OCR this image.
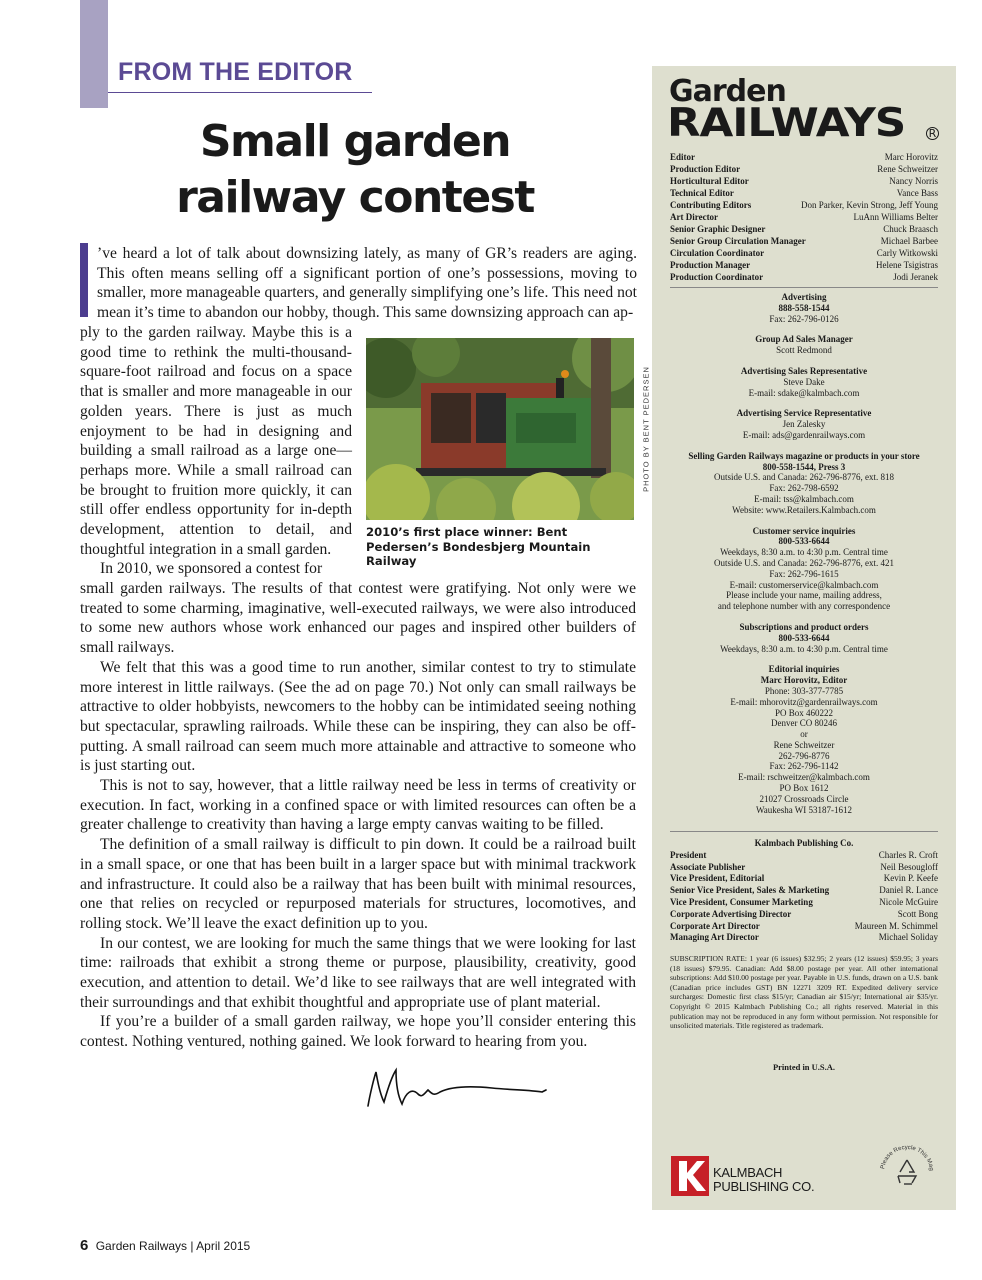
FROM THE EDITOR
Small garden railway contest

’ve heard a lot of talk about downsizing lately, as many of GR’s readers are aging. This often means selling off a significant portion of one’s possessions, moving to smaller, more manageable quarters, and generally simplifying one’s life. This need not mean it’s time to abandon our hobby, though. This same downsizing approach can ap-

ply to the garden railway. Maybe this is a good time to rethink the multi-thousand-square-foot railroad and focus on a space that is smaller and more manageable in our golden years. There is just as much enjoyment to be had in designing and building a small railroad as a large one—perhaps more. While a small railroad can be brought to fruition more quickly, it can still offer endless opportunity for in-depth development, attention to detail, and thoughtful integration in a small garden.

In 2010, we sponsored a contest for

PHOTO BY BENT PEDERSEN
2010’s first place winner: Bent Pedersen’s Bondesbjerg Mountain Railway

small garden railways. The results of that contest were gratifying. Not only were we treated to some charming, imaginative, well-executed railways, we were also introduced to some new authors whose work enhanced our pages and inspired other builders of small railways.

We felt that this was a good time to run another, similar contest to try to stimulate more interest in little railways. (See the ad on page 70.) Not only can small railways be attractive to older hobbyists, newcomers to the hobby can be intimidated seeing nothing but spectacular, sprawling railroads. While these can be inspiring, they can also be off-putting. A small railroad can seem much more attainable and attractive to someone who is just starting out.

This is not to say, however, that a little railway need be less in terms of creativity or execution. In fact, working in a confined space or with limited resources can often be a greater challenge to creativity than having a large empty canvas waiting to be filled.

The definition of a small railway is difficult to pin down. It could be a railroad built in a small space, or one that has been built in a larger space but with minimal trackwork and infrastructure. It could also be a railway that has been built with minimal resources, one that relies on recycled or repurposed materials for structures, locomotives, and rolling stock. We’ll leave the exact definition up to you.

In our contest, we are looking for much the same things that we were looking for last time: railroads that exhibit a strong theme or purpose, plausibility, creativity, good execution, and attention to detail. We’d like to see railways that are well integrated with their surroundings and that exhibit thoughtful and appropriate use of plant material.

If you’re a builder of a small garden railway, we hope you’ll consider entering this contest. Nothing ventured, nothing gained. We look forward to hearing from you.

6 Garden Railways | April 2015
Garden
RAILWAYS R
Editor	Marc Horovitz
Production Editor	Rene Schweitzer
Horticultural Editor	Nancy Norris
Technical Editor	Vance Bass
Contributing Editors	Don Parker, Kevin Strong, Jeff Young
Art Director	LuAnn Williams Belter
Senior Graphic Designer	Chuck Braasch
Senior Group Circulation Manager	Michael Barbee
Circulation Coordinator	Carly Witkowski
Production Manager	Helene Tsigistras
Production Coordinator	Jodi Jeranek
Advertising
888-558-1544
Fax: 262-796-0126
Group Ad Sales Manager
Scott Redmond
Advertising Sales Representative
Steve Dake
E-mail: sdake@kalmbach.com
Advertising Service Representative
Jen Zalesky
E-mail: ads@gardenrailways.com
Selling Garden Railways magazine or products in your store
800-558-1544, Press 3
Outside U.S. and Canada: 262-796-8776, ext. 818
Fax: 262-798-6592
E-mail: tss@kalmbach.com
Website: www.Retailers.Kalmbach.com
Customer service inquiries
800-533-6644
Weekdays, 8:30 a.m. to 4:30 p.m. Central time
Outside U.S. and Canada: 262-796-8776, ext. 421
Fax: 262-796-1615
E-mail: customerservice@kalmbach.com
Please include your name, mailing address,
and telephone number with any correspondence
Subscriptions and product orders
800-533-6644
Weekdays, 8:30 a.m. to 4:30 p.m. Central time
Editorial inquiries
Marc Horovitz, Editor
Phone: 303-377-7785
E-mail: mhorovitz@gardenrailways.com
PO Box 460222
Denver CO 80246
or
Rene Schweitzer
262-796-8776
Fax: 262-796-1142
E-mail: rschweitzer@kalmbach.com
PO Box 1612
21027 Crossroads Circle
Waukesha WI 53187-1612
Kalmbach Publishing Co.
President	Charles R. Croft
Associate Publisher	Neil Besougloff
Vice President, Editorial	Kevin P. Keefe
Senior Vice President, Sales & Marketing	Daniel R. Lance
Vice President, Consumer Marketing	Nicole McGuire
Corporate Advertising Director	Scott Bong
Corporate Art Director	Maureen M. Schimmel
Managing Art Director	Michael Soliday
SUBSCRIPTION RATE: 1 year (6 issues) $32.95; 2 years (12 issues) $59.95; 3 years (18 issues) $79.95. Canadian: Add $8.00 postage per year. All other international subscriptions: Add $10.00 postage per year. Payable in U.S. funds, drawn on a U.S. bank (Canadian price includes GST) BN 12271 3209 RT. Expedited delivery service surcharges: Domestic first class $15/yr; Canadian air $15/yr; International air $35/yr. Copyright © 2015 Kalmbach Publishing Co.; all rights reserved. Material in this publication may not be reproduced in any form without permission. Not responsible for unsolicited materials. Title registered as trademark.
Printed in U.S.A.
KALMBACH
PUBLISHING CO.
Please Recycle This Mag
